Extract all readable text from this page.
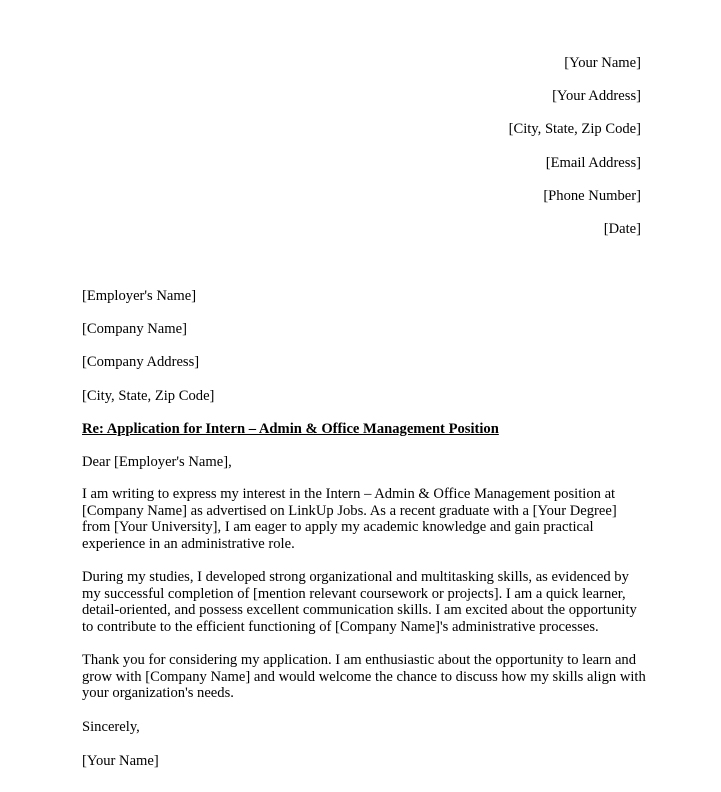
[Your Name]
[Your Address]
[City, State, Zip Code]
[Email Address]
[Phone Number]
[Date]
[Employer's Name]
[Company Name]
[Company Address]
[City, State, Zip Code]
Re: Application for Intern – Admin & Office Management Position
Dear [Employer's Name],

I am writing to express my interest in the Intern – Admin & Office Management position at [Company Name] as advertised on LinkUp Jobs. As a recent graduate with a [Your Degree] from [Your University], I am eager to apply my academic knowledge and gain practical experience in an administrative role.

During my studies, I developed strong organizational and multitasking skills, as evidenced by my successful completion of [mention relevant coursework or projects]. I am a quick learner, detail-oriented, and possess excellent communication skills. I am excited about the opportunity to contribute to the efficient functioning of [Company Name]'s administrative processes.

Thank you for considering my application. I am enthusiastic about the opportunity to learn and grow with [Company Name] and would welcome the chance to discuss how my skills align with your organization's needs.

Sincerely,
[Your Name]
